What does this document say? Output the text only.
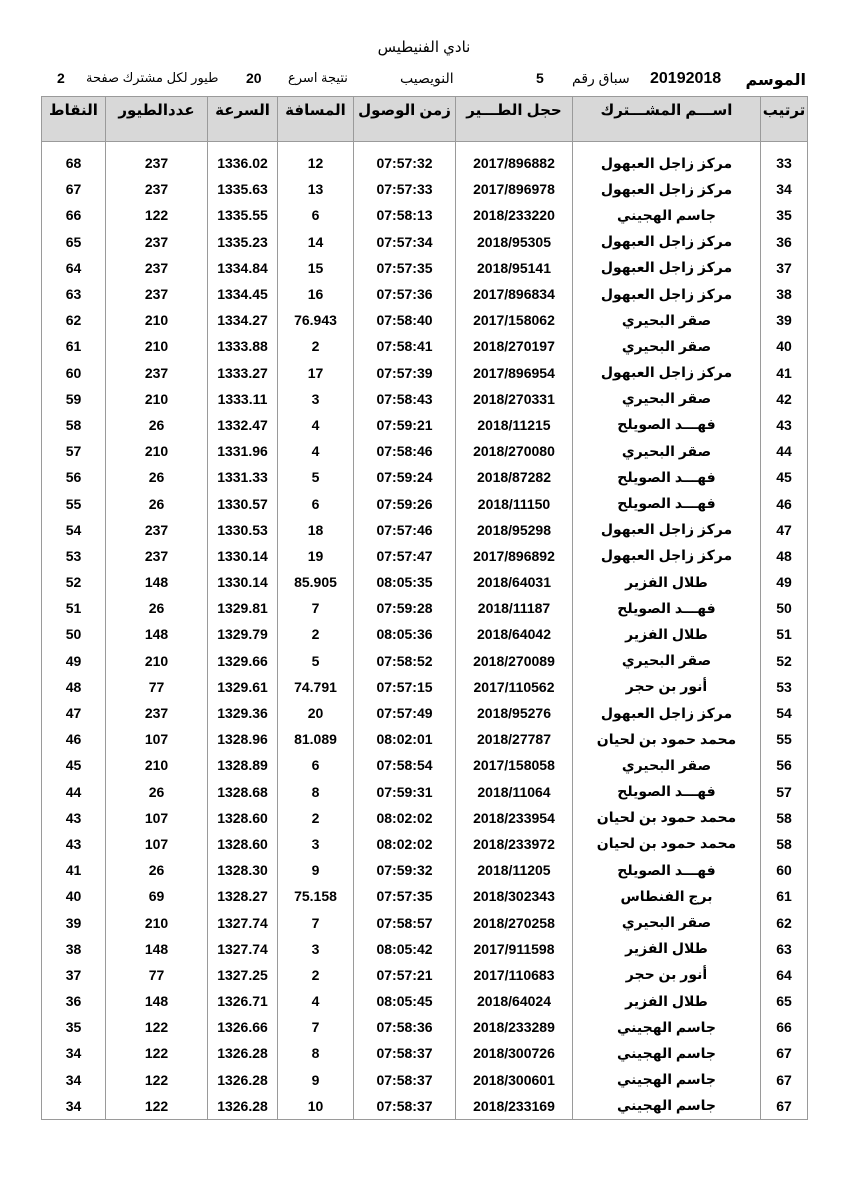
نادي الفنيطيس
الموسم
20192018
سباق رقم
5
النويصيب
نتيجة اسرع
20
طيور لكل مشترك صفحة
2
النقاط	عددالطيور	السرعة	المسافة	زمن الوصول	حجل الطـــير	اســـم المشـــترك	ترتيب
68	237	1336.02	12	07:57:32	2017/896882	مركز زاجل العبهول	33
67	237	1335.63	13	07:57:33	2017/896978	مركز زاجل العبهول	34
66	122	1335.55	6	07:58:13	2018/233220	جاسم الهجيني	35
65	237	1335.23	14	07:57:34	2018/95305	مركز زاجل العبهول	36
64	237	1334.84	15	07:57:35	2018/95141	مركز زاجل العبهول	37
63	237	1334.45	16	07:57:36	2017/896834	مركز زاجل العبهول	38
62	210	1334.27	76.943	07:58:40	2017/158062	صقر البحيري	39
61	210	1333.88	2	07:58:41	2018/270197	صقر البحيري	40
60	237	1333.27	17	07:57:39	2017/896954	مركز زاجل العبهول	41
59	210	1333.11	3	07:58:43	2018/270331	صقر البحيري	42
58	26	1332.47	4	07:59:21	2018/11215	فهـــد الصويلح	43
57	210	1331.96	4	07:58:46	2018/270080	صقر البحيري	44
56	26	1331.33	5	07:59:24	2018/87282	فهـــد الصويلح	45
55	26	1330.57	6	07:59:26	2018/11150	فهـــد الصويلح	46
54	237	1330.53	18	07:57:46	2018/95298	مركز زاجل العبهول	47
53	237	1330.14	19	07:57:47	2017/896892	مركز زاجل العبهول	48
52	148	1330.14	85.905	08:05:35	2018/64031	طلال الفزير	49
51	26	1329.81	7	07:59:28	2018/11187	فهـــد الصويلح	50
50	148	1329.79	2	08:05:36	2018/64042	طلال الفزير	51
49	210	1329.66	5	07:58:52	2018/270089	صقر البحيري	52
48	77	1329.61	74.791	07:57:15	2017/110562	أنور بن حجر	53
47	237	1329.36	20	07:57:49	2018/95276	مركز زاجل العبهول	54
46	107	1328.96	81.089	08:02:01	2018/27787	محمد حمود بن لحيان	55
45	210	1328.89	6	07:58:54	2017/158058	صقر البحيري	56
44	26	1328.68	8	07:59:31	2018/11064	فهـــد الصويلح	57
43	107	1328.60	2	08:02:02	2018/233954	محمد حمود بن لحيان	58
43	107	1328.60	3	08:02:02	2018/233972	محمد حمود بن لحيان	58
41	26	1328.30	9	07:59:32	2018/11205	فهـــد الصويلح	60
40	69	1328.27	75.158	07:57:35	2018/302343	برج الفنطاس	61
39	210	1327.74	7	07:58:57	2018/270258	صقر البحيري	62
38	148	1327.74	3	08:05:42	2017/911598	طلال الفزير	63
37	77	1327.25	2	07:57:21	2017/110683	أنور بن حجر	64
36	148	1326.71	4	08:05:45	2018/64024	طلال الفزير	65
35	122	1326.66	7	07:58:36	2018/233289	جاسم الهجيني	66
34	122	1326.28	8	07:58:37	2018/300726	جاسم الهجيني	67
34	122	1326.28	9	07:58:37	2018/300601	جاسم الهجيني	67
34	122	1326.28	10	07:58:37	2018/233169	جاسم الهجيني	67
